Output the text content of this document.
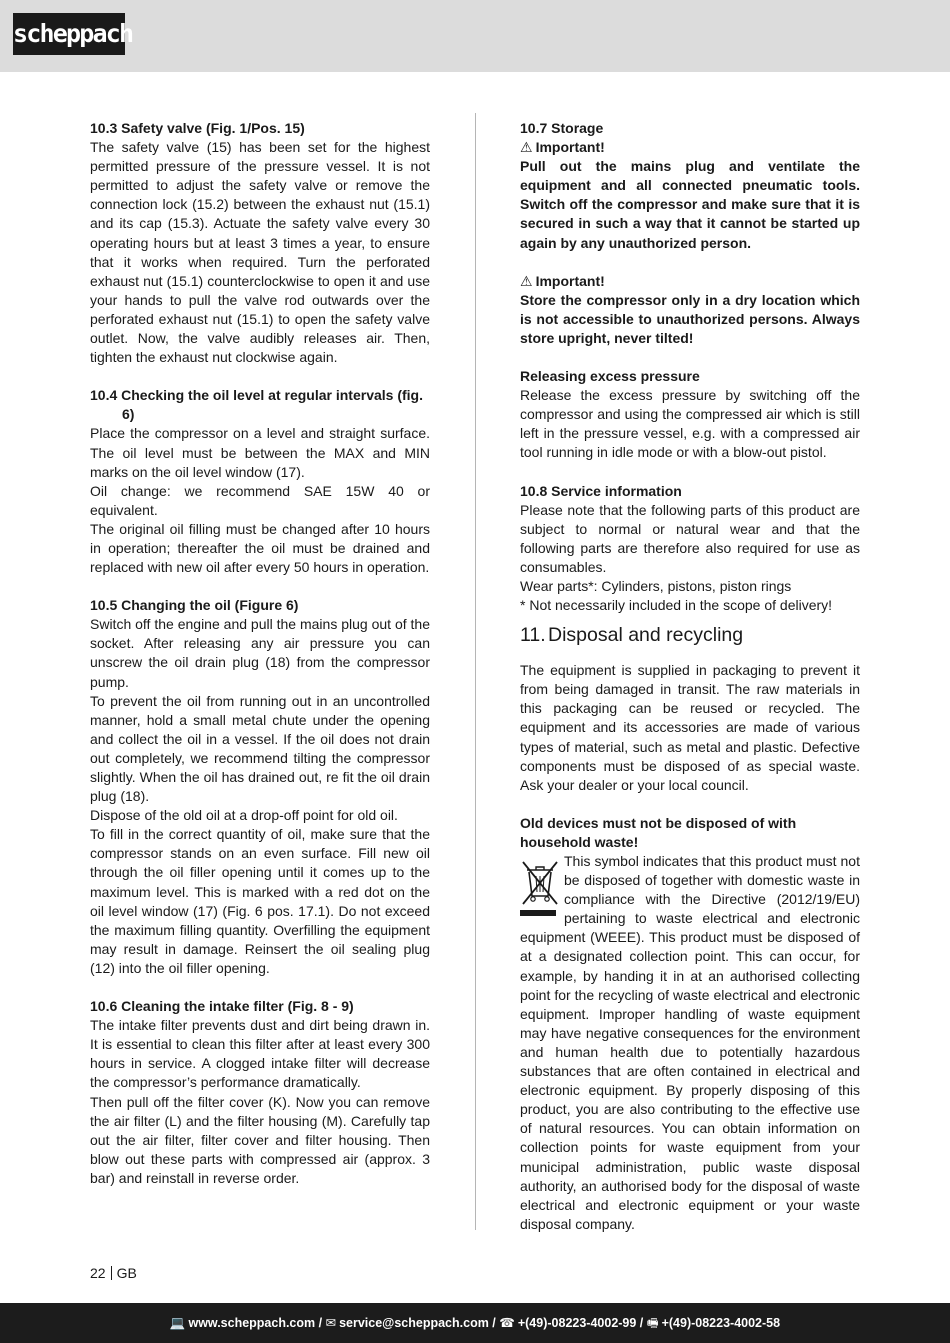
scheppach

10.3 Safety valve (Fig. 1/Pos. 15)

The safety valve (15) has been set for the highest permitted pressure of the pressure vessel. It is not permitted to adjust the safety valve or remove the connection lock (15.2) between the exhaust nut (15.1) and its cap (15.3). Actuate the safety valve every 30 operating hours but at least 3 times a year, to ensure that it works when required. Turn the perforated exhaust nut (15.1) counterclockwise to open it and use your hands to pull the valve rod outwards over the perforated exhaust nut (15.1) to open the safety valve outlet. Now, the valve audibly releases air. Then, tighten the exhaust nut clockwise again.

10.4 Checking the oil level at regular intervals (fig. 6)

Place the compressor on a level and straight surface. The oil level must be between the MAX and MIN marks on the oil level window (17).

Oil change: we recommend SAE 15W 40 or equivalent.

The original oil filling must be changed after 10 hours in operation; thereafter the oil must be drained and replaced with new oil after every 50 hours in operation.

10.5 Changing the oil (Figure 6)

Switch off the engine and pull the mains plug out of the socket. After releasing any air pressure you can unscrew the oil drain plug (18) from the compressor pump.

To prevent the oil from running out in an uncontrolled manner, hold a small metal chute under the opening and collect the oil in a vessel. If the oil does not drain out completely, we recommend tilting the compressor slightly. When the oil has drained out, re fit the oil drain plug (18).

Dispose of the old oil at a drop-off point for old oil.

To fill in the correct quantity of oil, make sure that the compressor stands on an even surface. Fill new oil through the oil filler opening until it comes up to the maximum level. This is marked with a red dot on the oil level window (17) (Fig. 6 pos. 17.1). Do not exceed the maximum filling quantity. Overfilling the equipment may result in damage. Reinsert the oil sealing plug (12) into the oil filler opening.

10.6 Cleaning the intake filter (Fig. 8 - 9)

The intake filter prevents dust and dirt being drawn in. It is essential to clean this filter after at least every 300 hours in service. A clogged intake filter will decrease the compressor’s performance dramatically.

Then pull off the filter cover (K). Now you can remove the air filter (L) and the filter housing (M). Carefully tap out the air filter, filter cover and filter housing. Then blow out these parts with compressed air (approx. 3 bar) and reinstall in reverse order.

10.7 Storage

⚠ Important!

Pull out the mains plug and ventilate the equipment and all connected pneumatic tools. Switch off the compressor and make sure that it is secured in such a way that it cannot be started up again by any unauthorized person.

⚠ Important!

Store the compressor only in a dry location which is not accessible to unauthorized persons. Always store upright, never tilted!

Releasing excess pressure

Release the excess pressure by switching off the compressor and using the compressed air which is still left in the pressure vessel, e.g. with a compressed air tool running in idle mode or with a blow-out pistol.

10.8 Service information

Please note that the following parts of this product are subject to normal or natural wear and that the following parts are therefore also required for use as consumables.

Wear parts*: Cylinders, pistons, piston rings

* Not necessarily included in the scope of delivery!

11. Disposal and recycling

The equipment is supplied in packaging to prevent it from being damaged in transit. The raw materials in this packaging can be reused or recycled. The equipment and its accessories are made of various types of material, such as metal and plastic. Defective components must be disposed of as special waste. Ask your dealer or your local council.

Old devices must not be disposed of with household waste!

This symbol indicates that this product must not be disposed of together with domestic waste in compliance with the Directive (2012/19/EU) pertaining to waste electrical and electronic equipment (WEEE). This product must be disposed of at a designated collection point. This can occur, for example, by handing it in at an authorised collecting point for the recycling of waste electrical and electronic equipment. Improper handling of waste equipment may have negative consequences for the environment and human health due to potentially hazardous substances that are often contained in electrical and electronic equipment. By properly disposing of this product, you are also contributing to the effective use of natural resources. You can obtain information on collection points for waste equipment from your municipal administration, public waste disposal authority, an authorised body for the disposal of waste electrical and electronic equipment or your waste disposal company.

22 GB
💻 www.scheppach.com / ✉ service@scheppach.com / ☎ +(49)-08223-4002-99 / 🖷 +(49)-08223-4002-58
